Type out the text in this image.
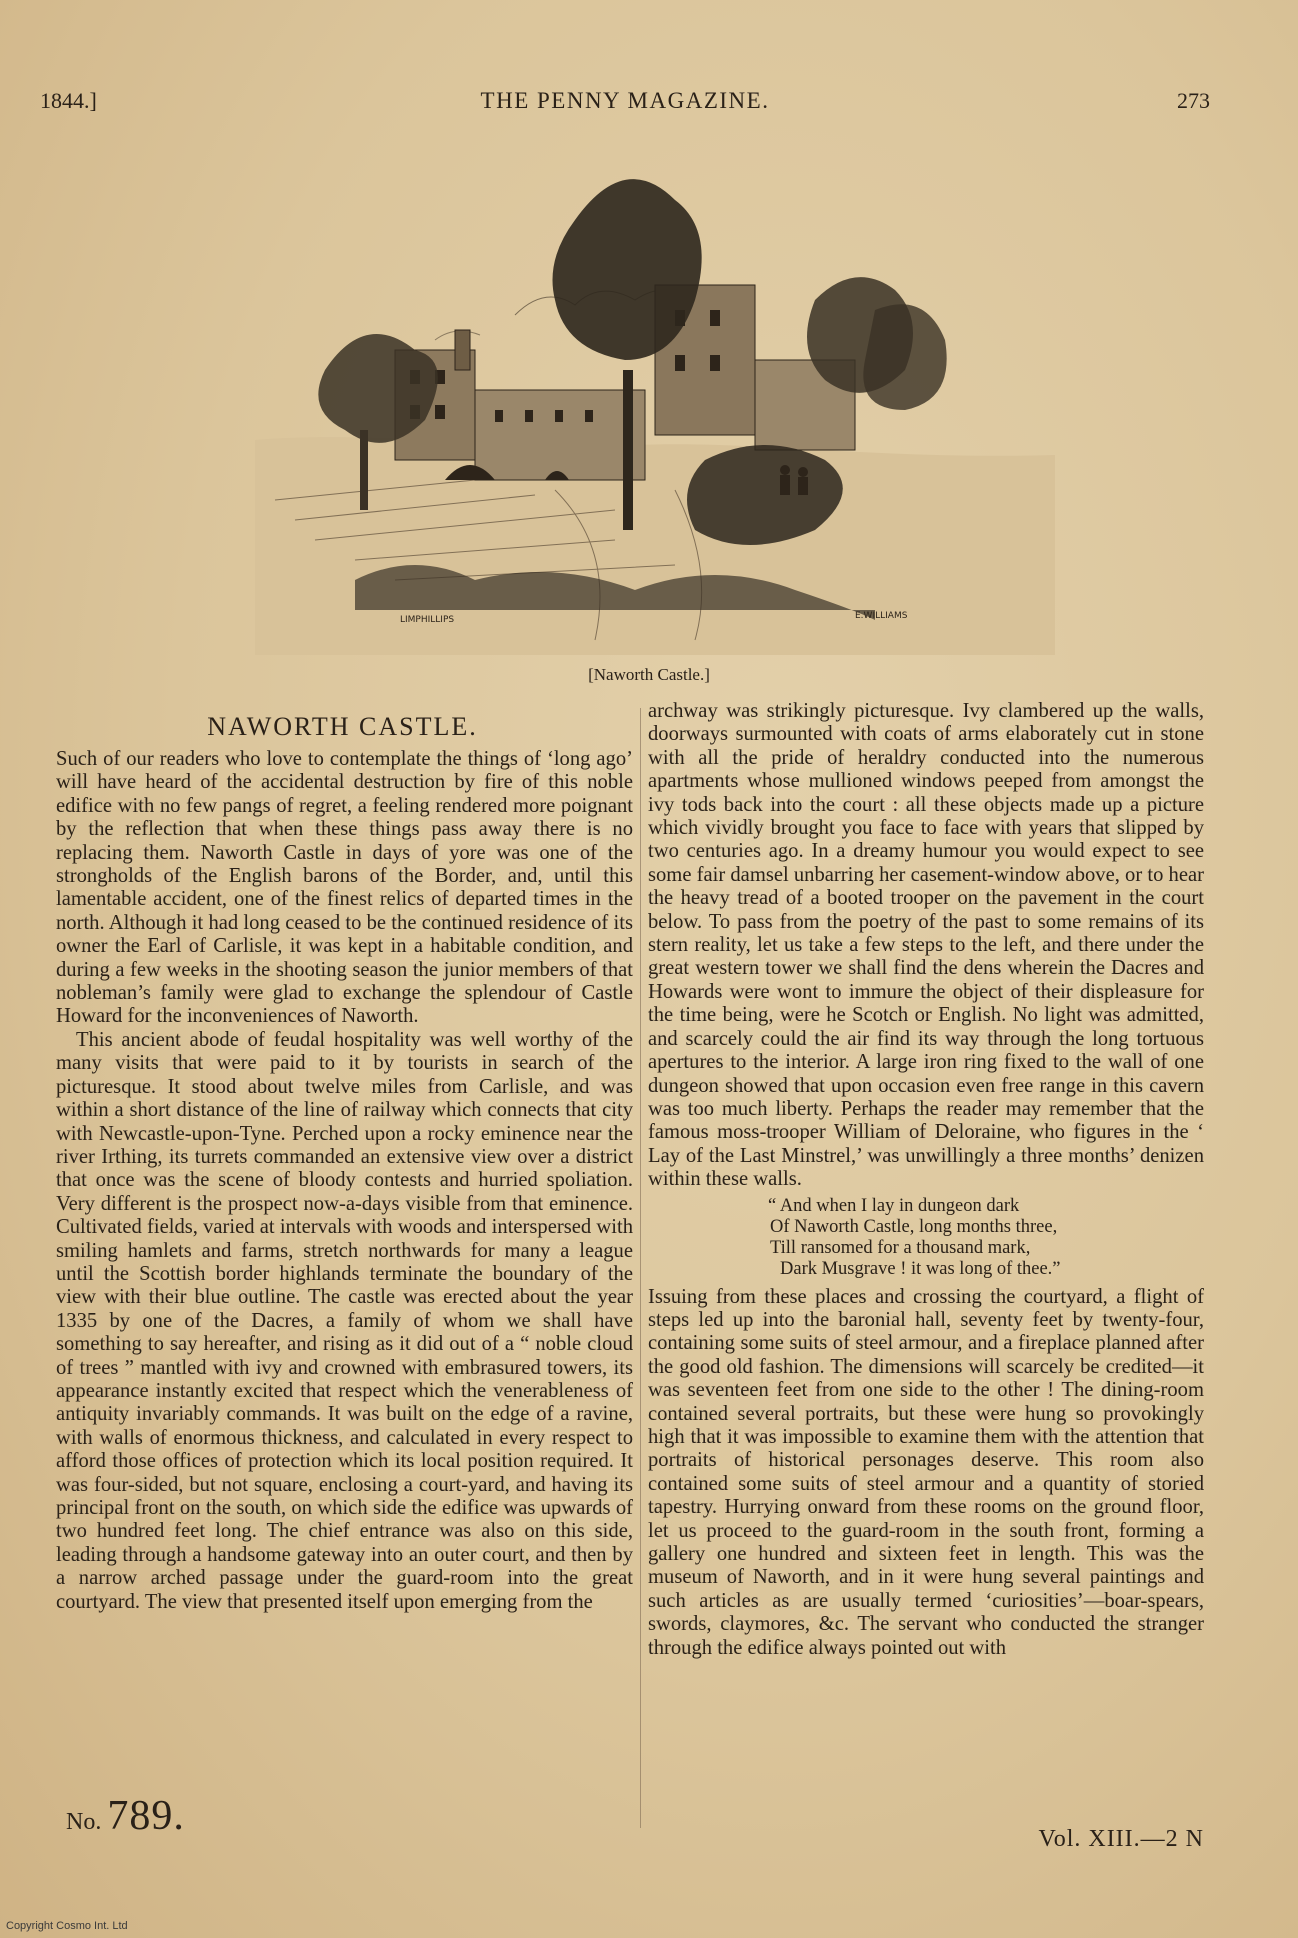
1844.]	THE PENNY MAGAZINE.	273
LIMPHILLIPS	E.WILLIAMS
[Naworth Castle.]
NAWORTH CASTLE.

Such of our readers who love to contemplate the things of ‘long ago’ will have heard of the accidental destruction by fire of this noble edifice with no few pangs of regret, a feeling rendered more poignant by the reflection that when these things pass away there is no replacing them. Naworth Castle in days of yore was one of the strongholds of the English barons of the Border, and, until this lamentable accident, one of the finest relics of departed times in the north. Although it had long ceased to be the continued residence of its owner the Earl of Carlisle, it was kept in a habitable condition, and during a few weeks in the shooting season the junior members of that nobleman’s family were glad to exchange the splendour of Castle Howard for the inconveniences of Naworth.

This ancient abode of feudal hospitality was well worthy of the many visits that were paid to it by tourists in search of the picturesque. It stood about twelve miles from Carlisle, and was within a short distance of the line of railway which connects that city with Newcastle-upon-Tyne. Perched upon a rocky eminence near the river Irthing, its turrets commanded an extensive view over a district that once was the scene of bloody contests and hurried spoliation. Very different is the prospect now-a-days visible from that eminence. Cultivated fields, varied at intervals with woods and interspersed with smiling hamlets and farms, stretch northwards for many a league until the Scottish border highlands terminate the boundary of the view with their blue outline. The castle was erected about the year 1335 by one of the Dacres, a family of whom we shall have something to say hereafter, and rising as it did out of a “ noble cloud of trees ” mantled with ivy and crowned with embrasured towers, its appearance instantly excited that respect which the venerableness of antiquity invariably commands. It was built on the edge of a ravine, with walls of enormous thickness, and calculated in every respect to afford those offices of protection which its local position required. It was four-sided, but not square, enclosing a court-yard, and having its principal front on the south, on which side the edifice was upwards of two hundred feet long. The chief entrance was also on this side, leading through a handsome gateway into an outer court, and then by a narrow arched passage under the guard-room into the great courtyard. The view that presented itself upon emerging from the

archway was strikingly picturesque. Ivy clambered up the walls, doorways surmounted with coats of arms elaborately cut in stone with all the pride of heraldry conducted into the numerous apartments whose mullioned windows peeped from amongst the ivy tods back into the court : all these objects made up a picture which vividly brought you face to face with years that slipped by two centuries ago. In a dreamy humour you would expect to see some fair damsel unbarring her casement-window above, or to hear the heavy tread of a booted trooper on the pavement in the court below. To pass from the poetry of the past to some remains of its stern reality, let us take a few steps to the left, and there under the great western tower we shall find the dens wherein the Dacres and Howards were wont to immure the object of their displeasure for the time being, were he Scotch or English. No light was admitted, and scarcely could the air find its way through the long tortuous apertures to the interior. A large iron ring fixed to the wall of one dungeon showed that upon occasion even free range in this cavern was too much liberty. Perhaps the reader may remember that the famous moss-trooper William of Deloraine, who figures in the ‘ Lay of the Last Minstrel,’ was unwillingly a three months’ denizen within these walls.

“ And when I lay in dungeon dark
Of Naworth Castle, long months three,
Till ransomed for a thousand mark,
Dark Musgrave ! it was long of thee.”

Issuing from these places and crossing the courtyard, a flight of steps led up into the baronial hall, seventy feet by twenty-four, containing some suits of steel armour, and a fireplace planned after the good old fashion. The dimensions will scarcely be credited—it was seventeen feet from one side to the other ! The dining-room contained several portraits, but these were hung so provokingly high that it was impossible to examine them with the attention that portraits of historical personages deserve. This room also contained some suits of steel armour and a quantity of storied tapestry. Hurrying onward from these rooms on the ground floor, let us proceed to the guard-room in the south front, forming a gallery one hundred and sixteen feet in length. This was the museum of Naworth, and in it were hung several paintings and such articles as are usually termed ‘curiosities’—boar-spears, swords, claymores, &c. The servant who conducted the stranger through the edifice always pointed out with

No. 789.	Vol. XIII.—2 N
Copyright Cosmo Int. Ltd
